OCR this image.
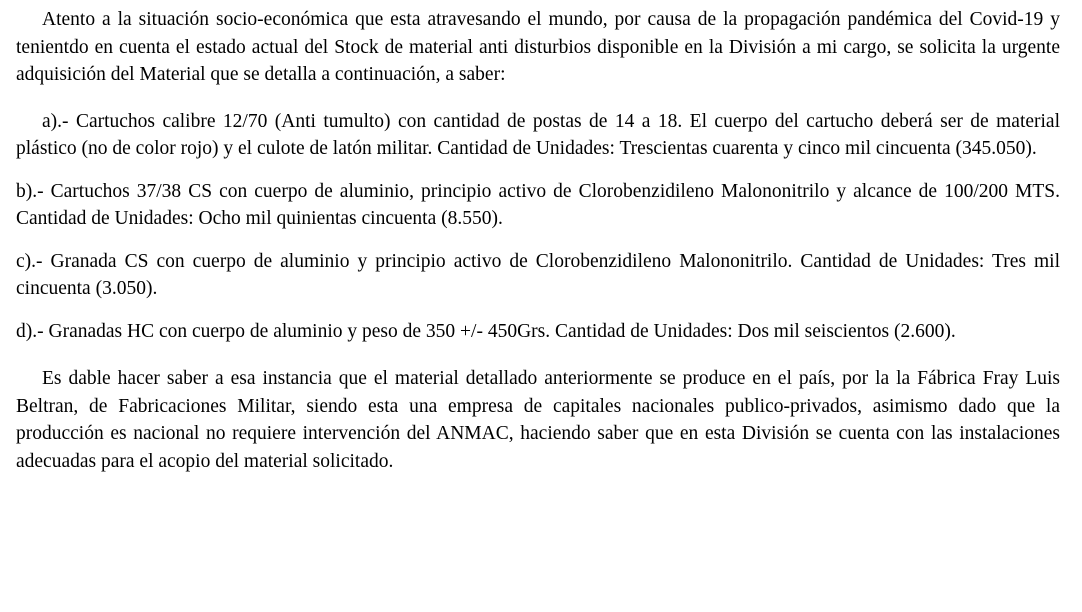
Atento a la situación socio-económica que esta atravesando el mundo, por causa de la propagación pandémica del Covid-19 y tenientdo en cuenta el estado actual del Stock de material anti disturbios disponible en la División a mi cargo, se solicita la urgente adquisición del Material que se detalla a continuación, a saber:

a).- Cartuchos calibre 12/70 (Anti tumulto) con cantidad de postas de 14 a 18. El cuerpo del cartucho deberá ser de material plástico (no de color rojo) y el culote de latón militar. Cantidad de Unidades: Trescientas cuarenta y cinco mil cincuenta (345.050).

b).- Cartuchos 37/38 CS con cuerpo de aluminio, principio activo de Clorobenzidileno Malononitrilo y alcance de 100/200 MTS. Cantidad de Unidades: Ocho mil quinientas cincuenta (8.550).

c).- Granada CS con cuerpo de aluminio y principio activo de Clorobenzidileno Malononitrilo. Cantidad de Unidades: Tres mil cincuenta (3.050).

d).- Granadas HC con cuerpo de aluminio y peso de 350 +/- 450Grs. Cantidad de Unidades: Dos mil seiscientos (2.600).

Es dable hacer saber a esa instancia que el material detallado anteriormente se produce en el país, por la la Fábrica Fray Luis Beltran, de Fabricaciones Militar, siendo esta una empresa de capitales nacionales publico-privados, asimismo dado que la producción es nacional no requiere intervención del ANMAC, haciendo saber que en esta División se cuenta con las instalaciones adecuadas para el acopio del material solicitado.
